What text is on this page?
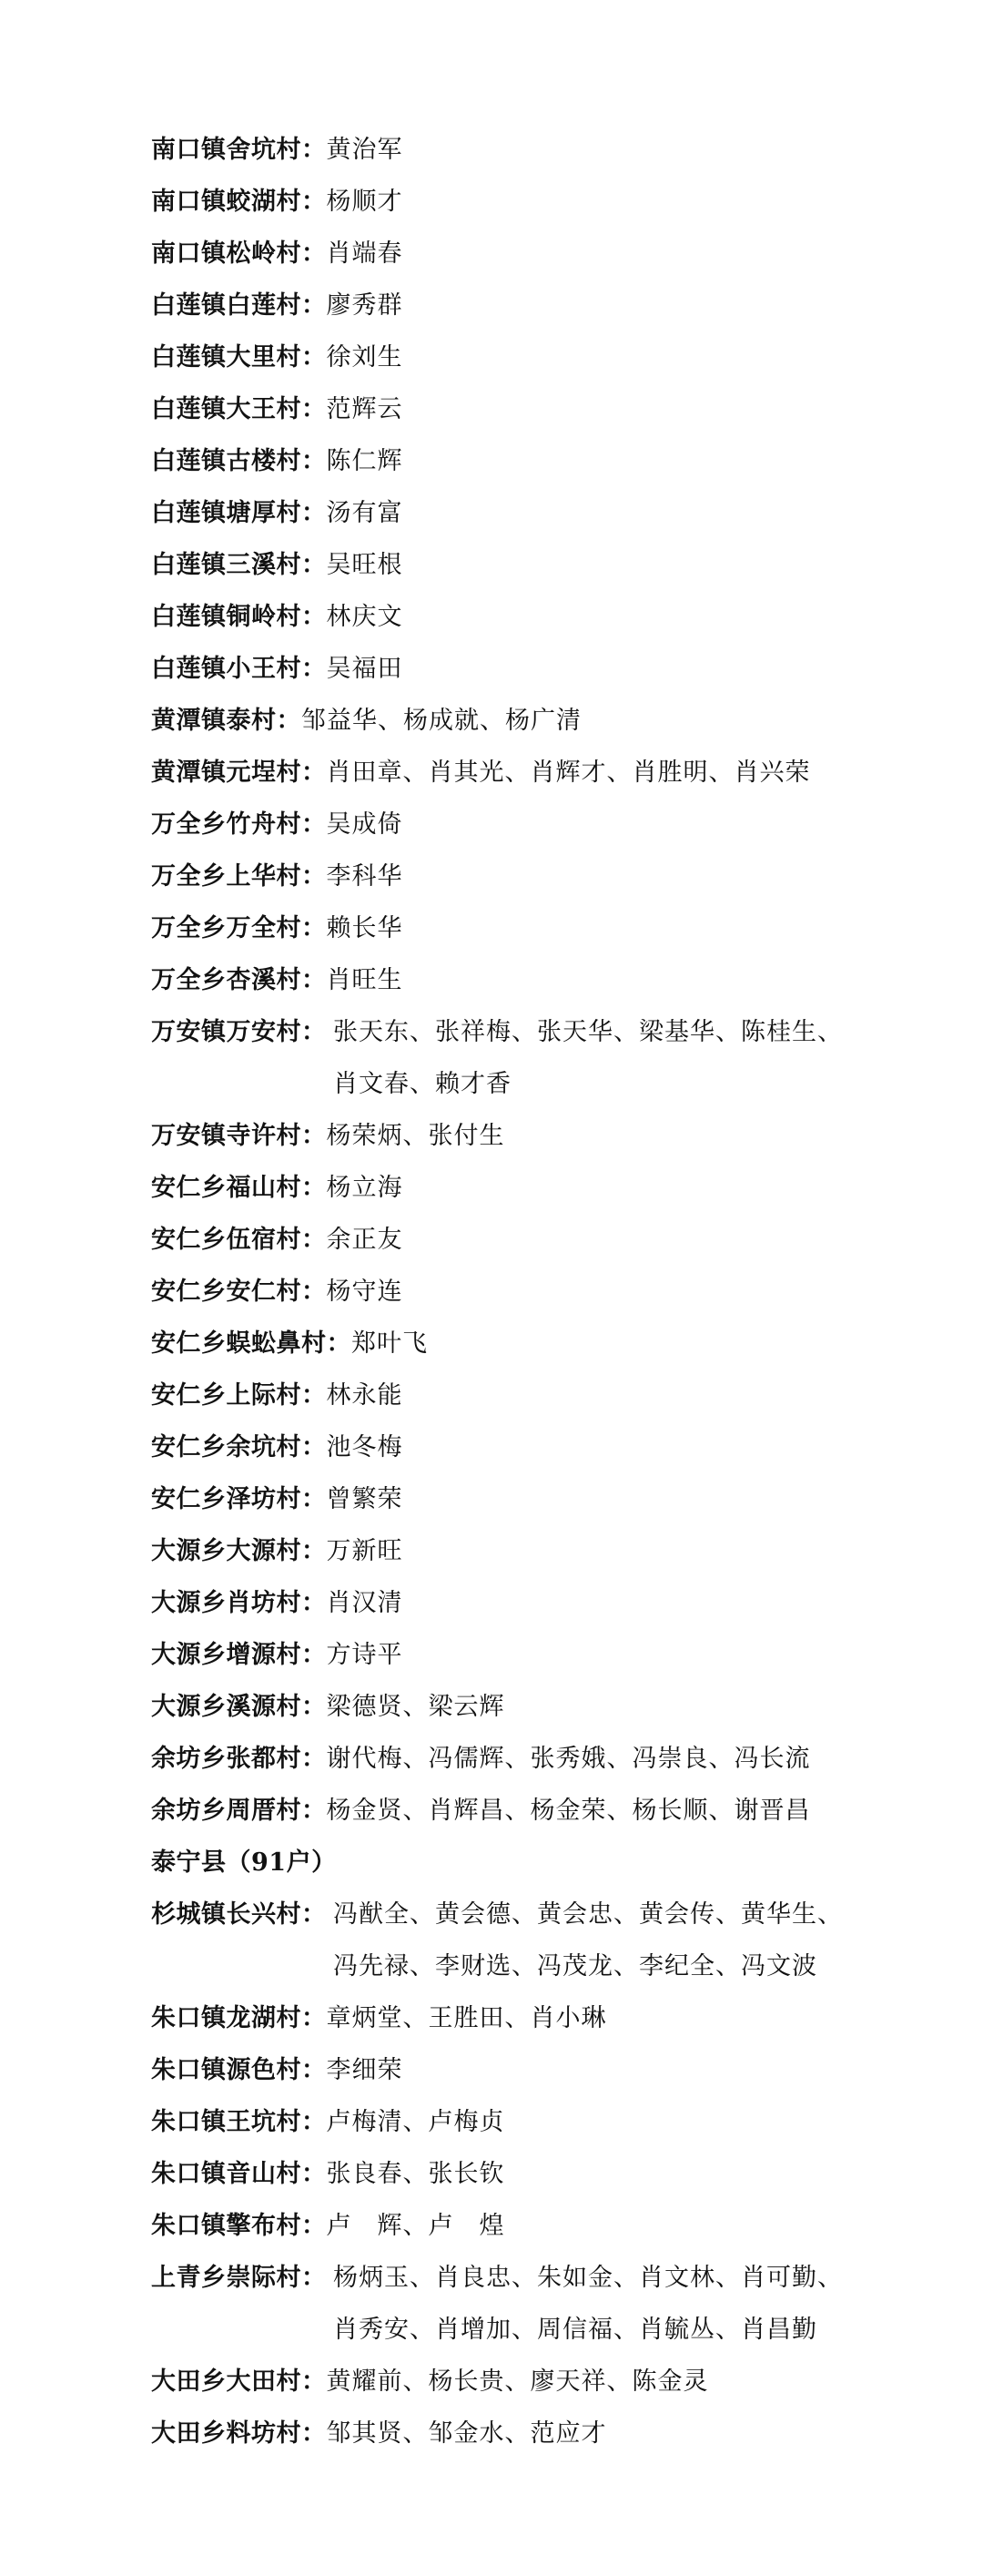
南口镇舍坑村： 黄治军
南口镇蛟湖村： 杨顺才
南口镇松岭村： 肖端春
白莲镇白莲村： 廖秀群
白莲镇大里村： 徐刘生
白莲镇大王村： 范辉云
白莲镇古楼村： 陈仁辉
白莲镇塘厚村： 汤有富
白莲镇三溪村： 吴旺根
白莲镇铜岭村： 林庆文
白莲镇小王村： 吴福田
黄潭镇泰村： 邹益华、杨成就、杨广清
黄潭镇元埕村： 肖田章、肖其光、肖辉才、肖胜明、肖兴荣
万全乡竹舟村： 吴成倚
万全乡上华村： 李科华
万全乡万全村： 赖长华
万全乡杏溪村： 肖旺生
万安镇万安村： 张天东、张祥梅、张天华、梁基华、陈桂生、肖文春、赖才香
万安镇寺许村： 杨荣炳、张付生
安仁乡福山村： 杨立海
安仁乡伍宿村： 余正友
安仁乡安仁村： 杨守连
安仁乡蜈蚣鼻村： 郑叶飞
安仁乡上际村： 林永能
安仁乡余坑村： 池冬梅
安仁乡泽坊村： 曾繁荣
大源乡大源村： 万新旺
大源乡肖坊村： 肖汉清
大源乡增源村： 方诗平
大源乡溪源村： 梁德贤、梁云辉
余坊乡张都村： 谢代梅、冯儒辉、张秀娥、冯崇良、冯长流
余坊乡周厝村： 杨金贤、肖辉昌、杨金荣、杨长顺、谢晋昌
泰宁县（91户）
杉城镇长兴村： 冯猷全、黄会德、黄会忠、黄会传、黄华生、冯先禄、李财选、冯茂龙、李纪全、冯文波
朱口镇龙湖村： 章炳堂、王胜田、肖小琳
朱口镇源色村： 李细荣
朱口镇王坑村： 卢梅清、卢梅贞
朱口镇音山村： 张良春、张长钦
朱口镇擎布村： 卢　辉、卢　煌
上青乡崇际村： 杨炳玉、肖良忠、朱如金、肖文林、肖可勤、肖秀安、肖增加、周信福、肖毓丛、肖昌勤
大田乡大田村： 黄耀前、杨长贵、廖天祥、陈金灵
大田乡料坊村： 邹其贤、邹金水、范应才
